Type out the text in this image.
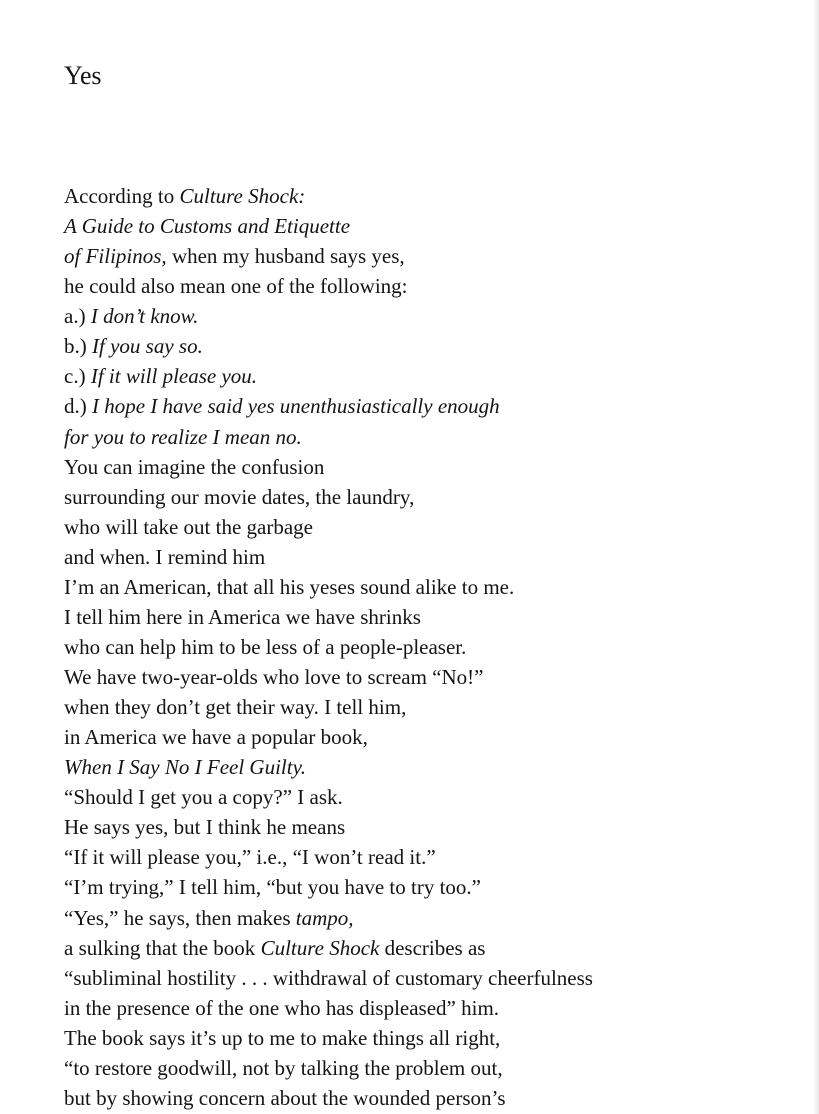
Yes
According to Culture Shock:
A Guide to Customs and Etiquette
of Filipinos, when my husband says yes,
he could also mean one of the following:
a.) I don’t know.
b.) If you say so.
c.) If it will please you.
d.) I hope I have said yes unenthusiastically enough
for you to realize I mean no.
You can imagine the confusion
surrounding our movie dates, the laundry,
who will take out the garbage
and when. I remind him
I’m an American, that all his yeses sound alike to me.
I tell him here in America we have shrinks
who can help him to be less of a people-pleaser.
We have two-year-olds who love to scream “No!”
when they don’t get their way. I tell him,
in America we have a popular book,
When I Say No I Feel Guilty.
“Should I get you a copy?” I ask.
He says yes, but I think he means
“If it will please you,” i.e., “I won’t read it.”
“I’m trying,” I tell him, “but you have to try too.”
“Yes,” he says, then makes tampo,
a sulking that the book Culture Shock describes as
“subliminal hostility . . . withdrawal of customary cheerfulness
in the presence of the one who has displeased” him.
The book says it’s up to me to make things all right,
“to restore goodwill, not by talking the problem out,
but by showing concern about the wounded person’s
